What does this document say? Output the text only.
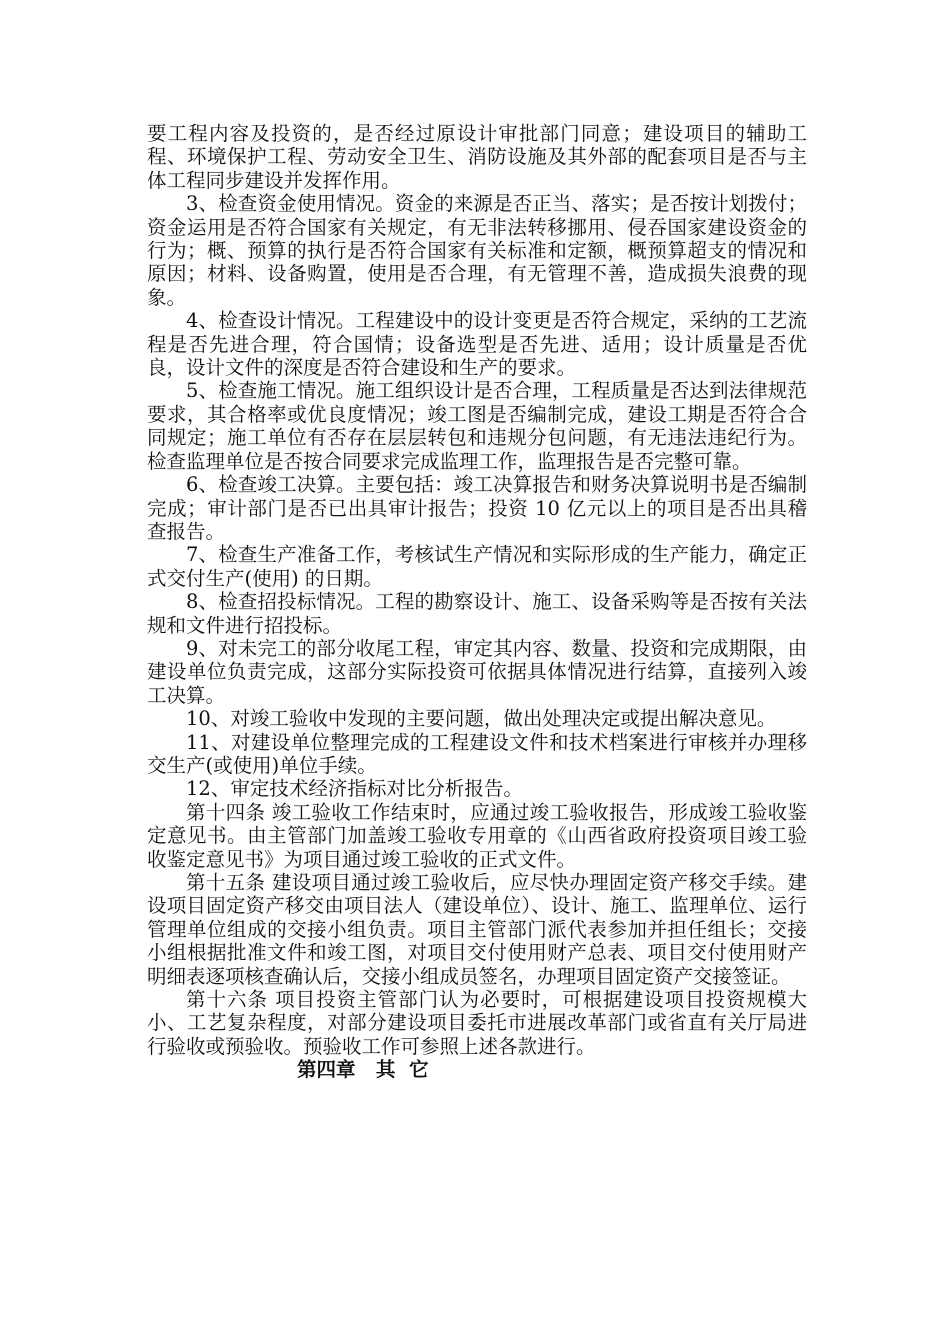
要工程内容及投资的，是否经过原设计审批部门同意；建设项目的辅助工程、环境保护工程、劳动安全卫生、消防设施及其外部的配套项目是否与主体工程同步建设并发挥作用。

3、检查资金使用情况。资金的来源是否正当、落实；是否按计划拨付；资金运用是否符合国家有关规定，有无非法转移挪用、侵吞国家建设资金的行为；概、预算的执行是否符合国家有关标准和定额，概预算超支的情况和原因；材料、设备购置，使用是否合理，有无管理不善，造成损失浪费的现象。

4、检查设计情况。工程建设中的设计变更是否符合规定，采纳的工艺流程是否先进合理，符合国情；设备选型是否先进、适用；设计质量是否优良，设计文件的深度是否符合建设和生产的要求。

5、检查施工情况。施工组织设计是否合理，工程质量是否达到法律规范要求，其合格率或优良度情况；竣工图是否编制完成，建设工期是否符合合同规定；施工单位有否存在层层转包和违规分包问题，有无违法违纪行为。检查监理单位是否按合同要求完成监理工作，监理报告是否完整可靠。

6、检查竣工决算。主要包括：竣工决算报告和财务决算说明书是否编制完成；审计部门是否已出具审计报告；投资 10 亿元以上的项目是否出具稽查报告。

7、检查生产准备工作，考核试生产情况和实际形成的生产能力，确定正式交付生产(使用) 的日期。

8、检查招投标情况。工程的勘察设计、施工、设备采购等是否按有关法规和文件进行招投标。

9、对未完工的部分收尾工程，审定其内容、数量、投资和完成期限，由建设单位负责完成，这部分实际投资可依据具体情况进行结算，直接列入竣工决算。

10、对竣工验收中发现的主要问题，做出处理决定或提出解决意见。

11、对建设单位整理完成的工程建设文件和技术档案进行审核并办理移交生产(或使用)单位手续。

12、审定技术经济指标对比分析报告。

第十四条 竣工验收工作结束时，应通过竣工验收报告，形成竣工验收鉴定意见书。由主管部门加盖竣工验收专用章的《山西省政府投资项目竣工验收鉴定意见书》为项目通过竣工验收的正式文件。

第十五条 建设项目通过竣工验收后，应尽快办理固定资产移交手续。建设项目固定资产移交由项目法人（建设单位）、设计、施工、监理单位、运行管理单位组成的交接小组负责。项目主管部门派代表参加并担任组长；交接小组根据批准文件和竣工图，对项目交付使用财产总表、项目交付使用财产明细表逐项核查确认后，交接小组成员签名，办理项目固定资产交接签证。

第十六条 项目投资主管部门认为必要时，可根据建设项目投资规模大小、工艺复杂程度，对部分建设项目委托市进展改革部门或省直有关厅局进行验收或预验收。预验收工作可参照上述各款进行。

第四章   其  它
